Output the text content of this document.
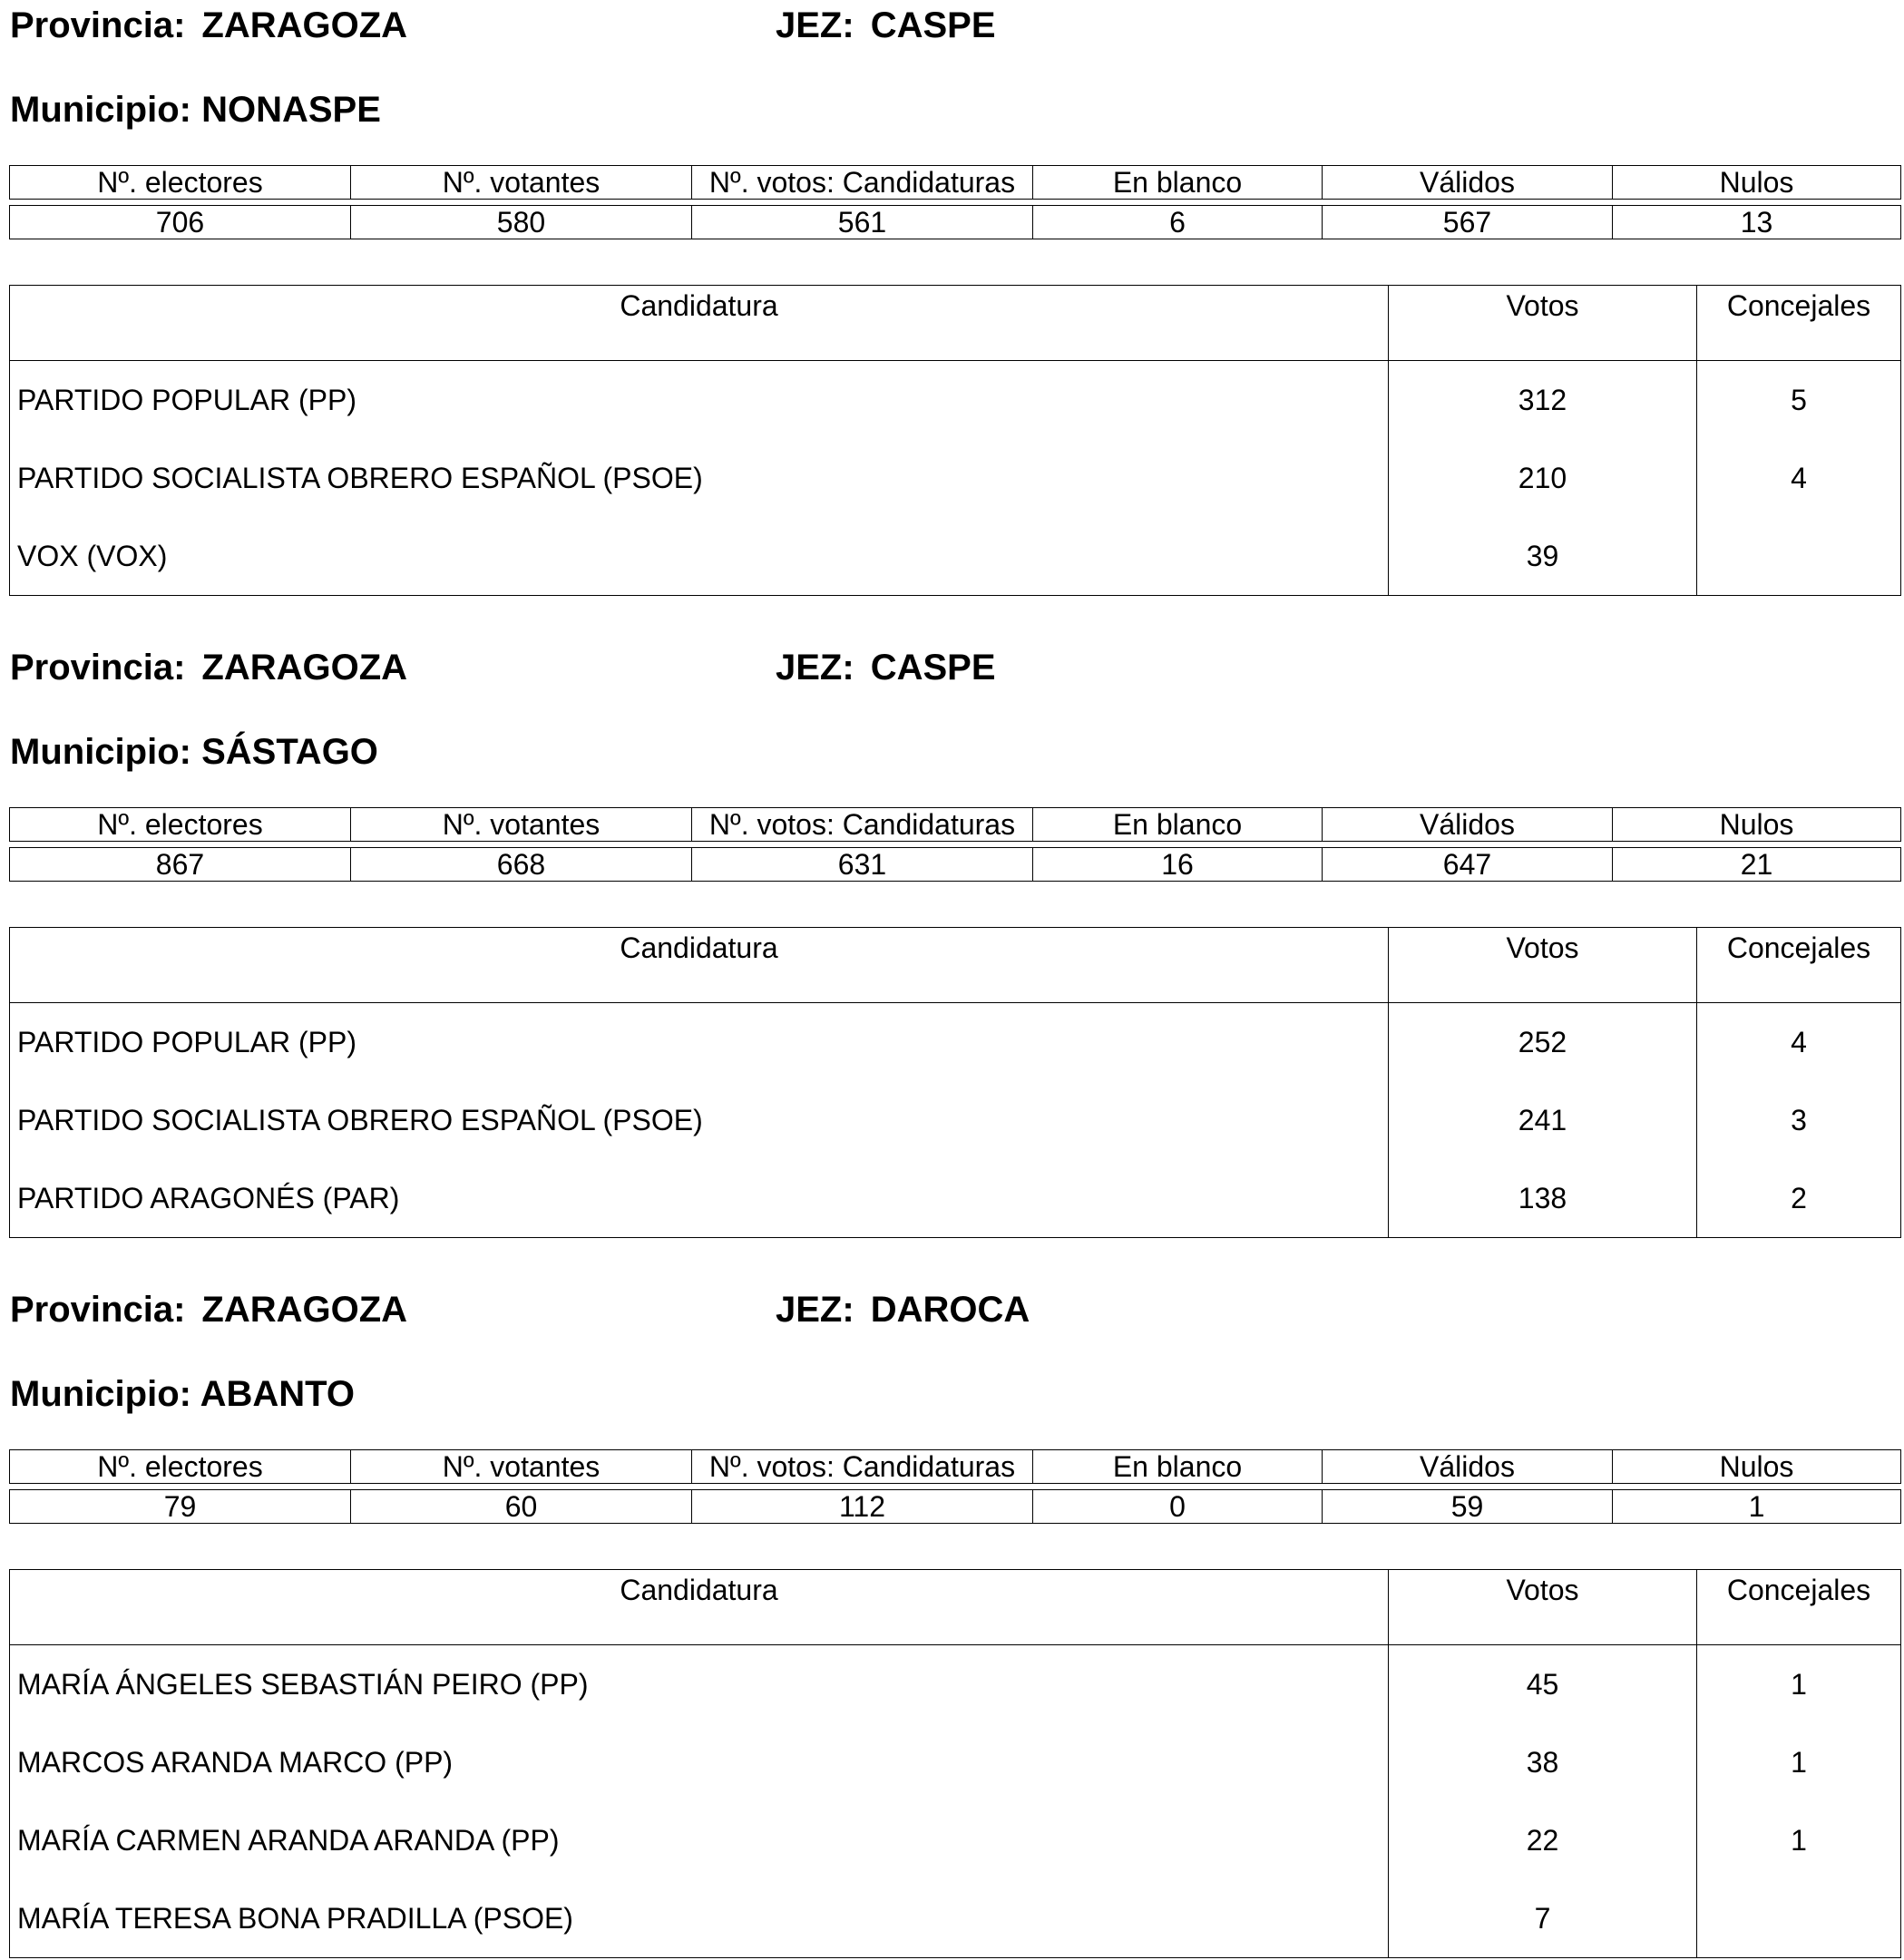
Provincia: ZARAGOZA	JEZ: CASPE
Municipio: NONASPE
Nº. electores	Nº. votantes	Nº. votos: Candidaturas	En blanco	Válidos	Nulos
706	580	561	6	567	13
Candidatura	Votos	Concejales
PARTIDO POPULAR (PP)	312	5
PARTIDO SOCIALISTA OBRERO ESPAÑOL (PSOE)	210	4
VOX (VOX)	39	
Provincia: ZARAGOZA	JEZ: CASPE
Municipio: SÁSTAGO
Nº. electores	Nº. votantes	Nº. votos: Candidaturas	En blanco	Válidos	Nulos
867	668	631	16	647	21
Candidatura	Votos	Concejales
PARTIDO POPULAR (PP)	252	4
PARTIDO SOCIALISTA OBRERO ESPAÑOL (PSOE)	241	3
PARTIDO ARAGONÉS (PAR)	138	2
Provincia: ZARAGOZA	JEZ: DAROCA
Municipio: ABANTO
Nº. electores	Nº. votantes	Nº. votos: Candidaturas	En blanco	Válidos	Nulos
79	60	112	0	59	1
Candidatura	Votos	Concejales
MARÍA ÁNGELES SEBASTIÁN PEIRO (PP)	45	1
MARCOS ARANDA MARCO (PP)	38	1
MARÍA CARMEN ARANDA ARANDA (PP)	22	1
MARÍA TERESA BONA PRADILLA (PSOE)	7	
